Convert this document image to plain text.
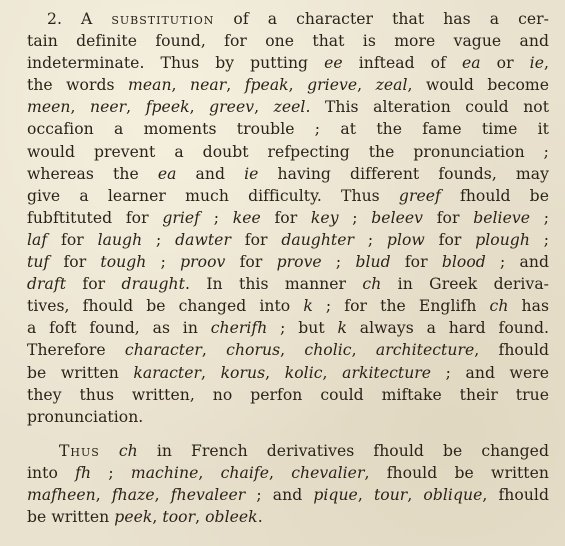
2. A substitution of a character that has a cer-
tain definite found, for one that is more vague and
indeterminate. Thus by putting ee inftead of ea or ie,
the words mean, near, fpeak, grieve, zeal, would become
meen, neer, fpeek, greev, zeel. This alteration could not
occafion a moments trouble ; at the fame time it
would prevent a doubt refpecting the pronunciation ;
whereas the ea and ie having different founds, may
give a learner much difficulty. Thus greef fhould be
fubftituted for grief ; kee for key ; beleev for believe ;
laf for laugh ; dawter for daughter ; plow for plough ;
tuf for tough ; proov for prove ; blud for blood ; and
draft for draught. In this manner ch in Greek deriva-
tives, fhould be changed into k ; for the Englifh ch has
a foft found, as in cherifh ; but k always a hard found.
Therefore character, chorus, cholic, architecture, fhould
be written karacter, korus, kolic, arkitecture ; and were
they thus written, no perfon could miftake their true
pronunciation.

Thus ch in French derivatives fhould be changed
into fh ; machine, chaife, chevalier, fhould be written
mafheen, fhaze, fhevaleer ; and pique, tour, oblique, fhould
be written peek, toor, obleek.
